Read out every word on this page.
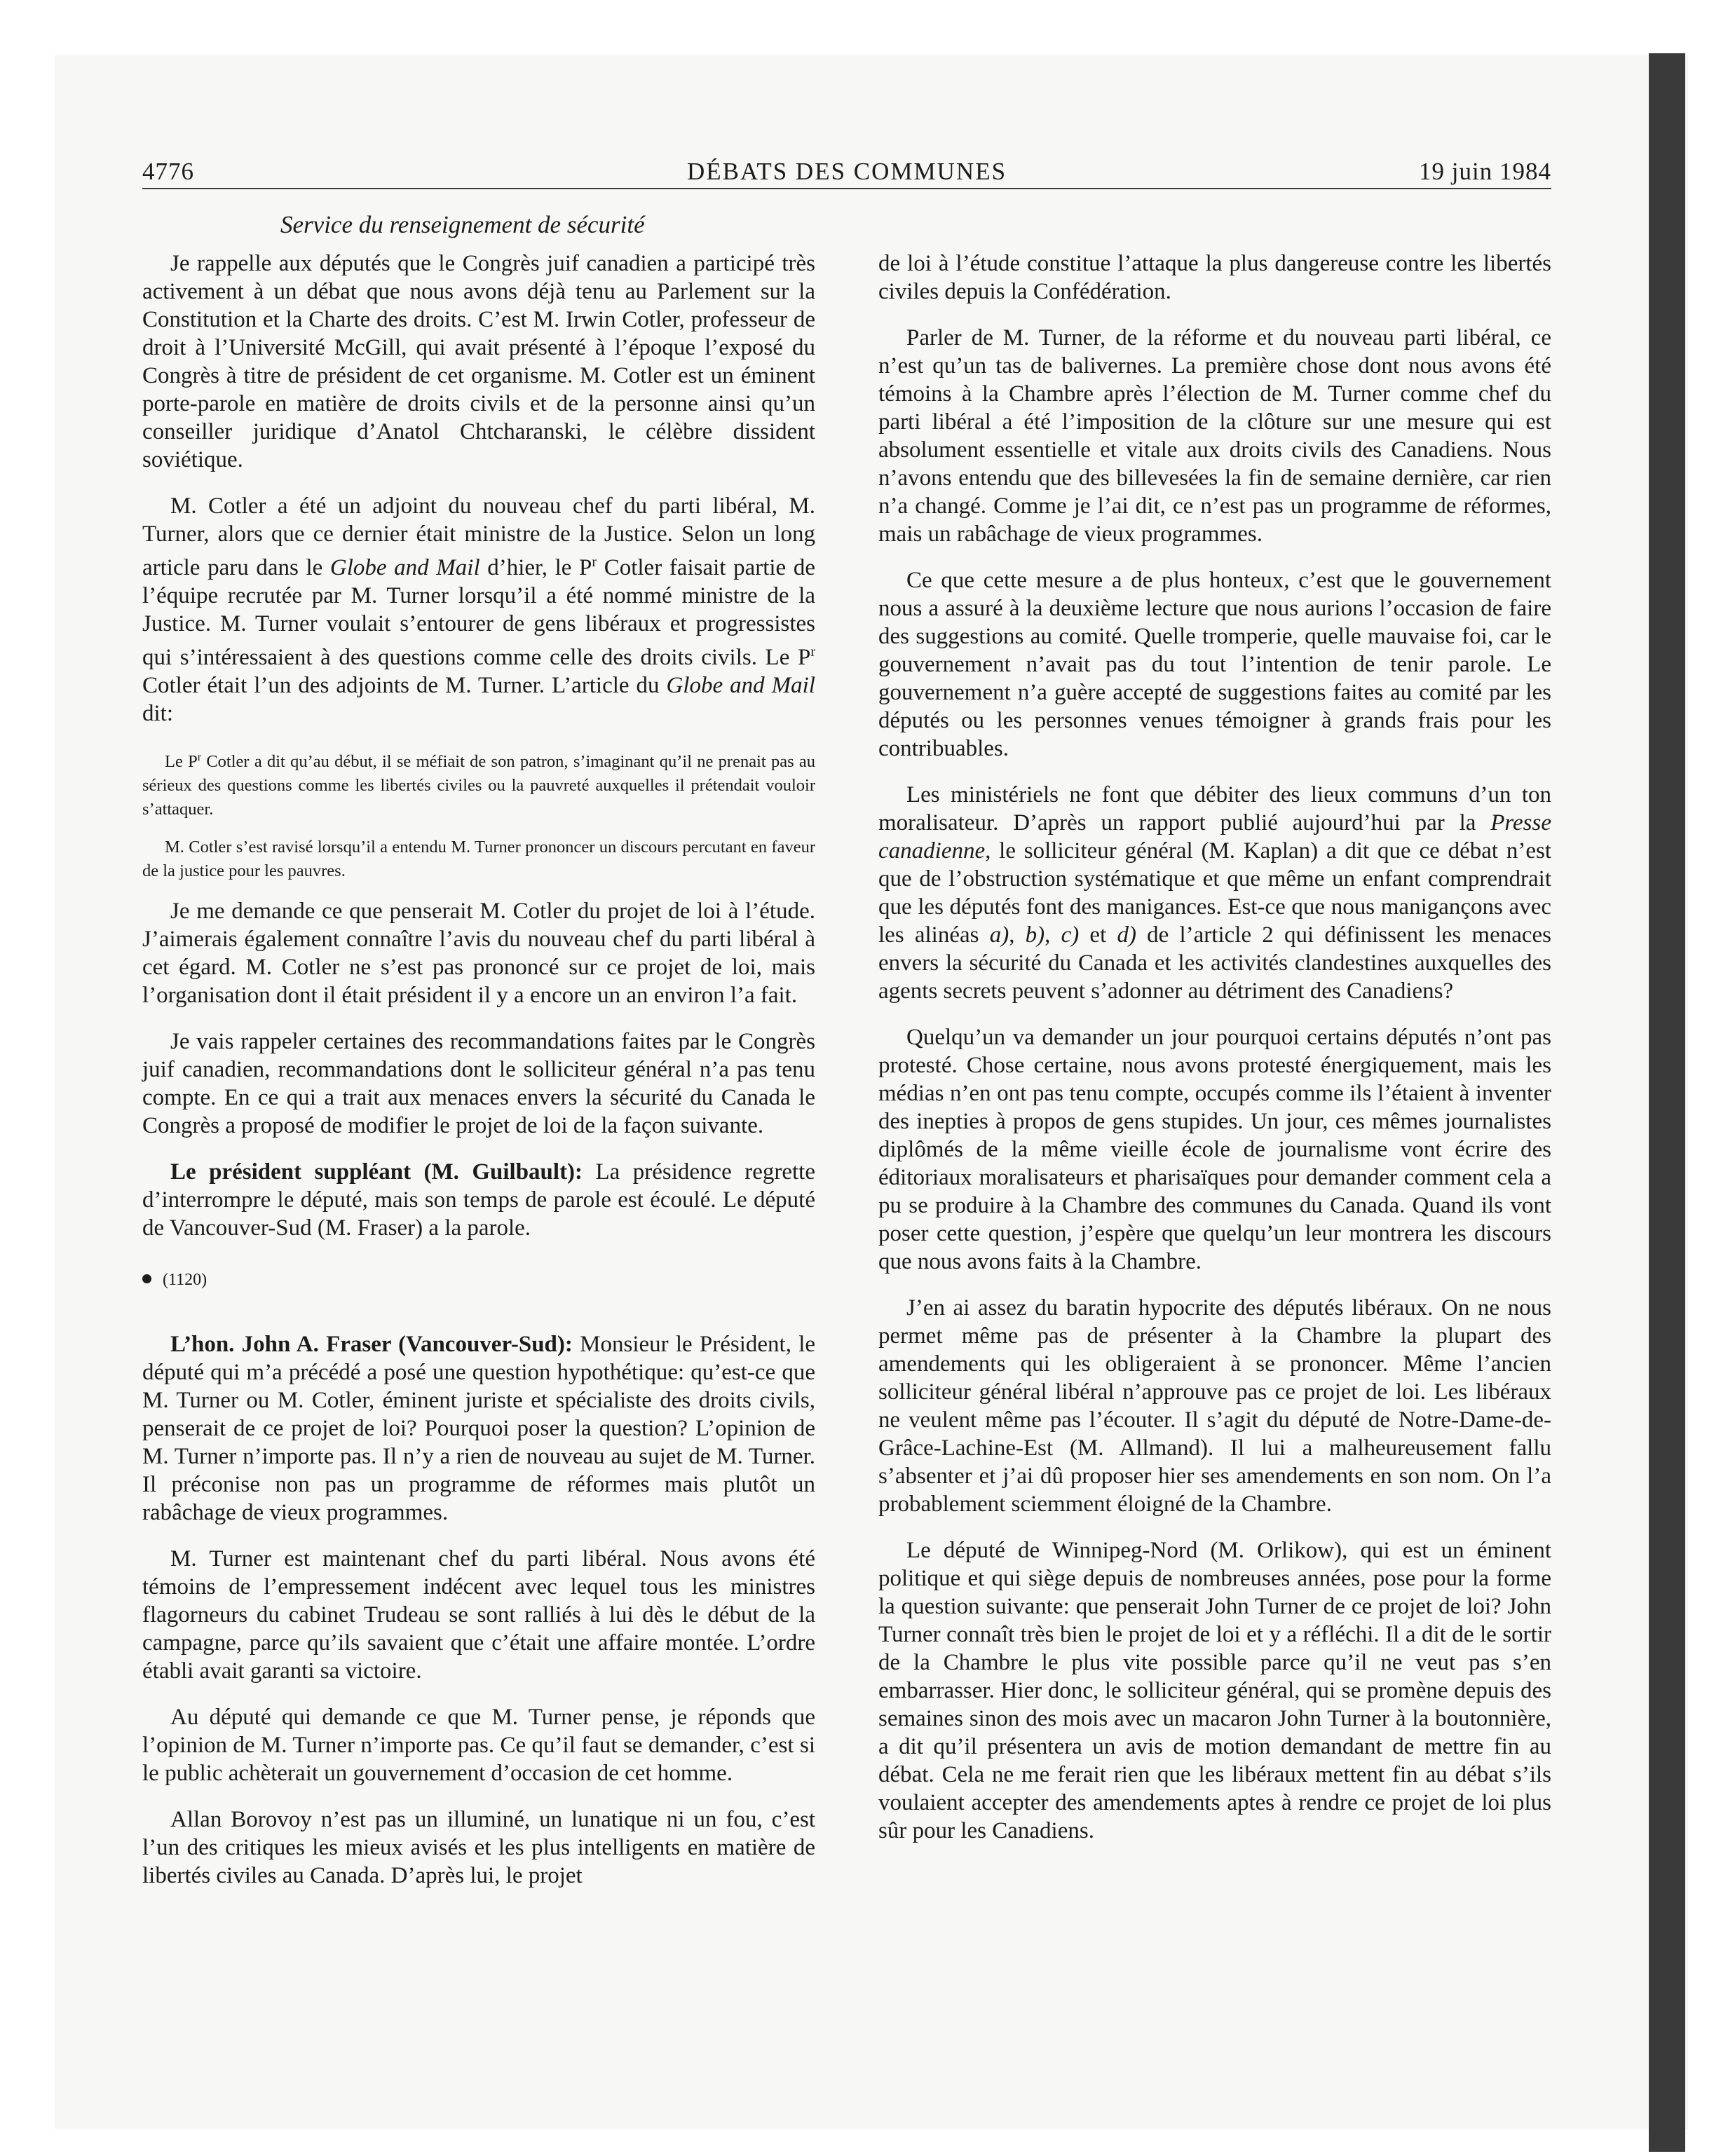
4776	DÉBATS DES COMMUNES	19 juin 1984
Service du renseignement de sécurité

Je rappelle aux députés que le Congrès juif canadien a participé très activement à un débat que nous avons déjà tenu au Parlement sur la Constitution et la Charte des droits. C’est M. Irwin Cotler, professeur de droit à l’Université McGill, qui avait présenté à l’époque l’exposé du Congrès à titre de président de cet organisme. M. Cotler est un éminent porte-parole en matière de droits civils et de la personne ainsi qu’un conseiller juridique d’Anatol Chtcharanski, le célèbre dissident soviétique.

M. Cotler a été un adjoint du nouveau chef du parti libéral, M. Turner, alors que ce dernier était ministre de la Justice. Selon un long article paru dans le Globe and Mail d’hier, le $P^r$ Cotler faisait partie de l’équipe recrutée par M. Turner lorsqu’il a été nommé ministre de la Justice. M. Turner voulait s’entourer de gens libéraux et progressistes qui s’intéressaient à des questions comme celle des droits civils. Le $P^r$ Cotler était l’un des adjoints de M. Turner. L’article du Globe and Mail dit:

Le $P^r$ Cotler a dit qu’au début, il se méfiait de son patron, s’imaginant qu’il ne prenait pas au sérieux des questions comme les libertés civiles ou la pauvreté auxquelles il prétendait vouloir s’attaquer.

M. Cotler s’est ravisé lorsqu’il a entendu M. Turner prononcer un discours percutant en faveur de la justice pour les pauvres.

Je me demande ce que penserait M. Cotler du projet de loi à l’étude. J’aimerais également connaître l’avis du nouveau chef du parti libéral à cet égard. M. Cotler ne s’est pas prononcé sur ce projet de loi, mais l’organisation dont il était président il y a encore un an environ l’a fait.

Je vais rappeler certaines des recommandations faites par le Congrès juif canadien, recommandations dont le solliciteur général n’a pas tenu compte. En ce qui a trait aux menaces envers la sécurité du Canada le Congrès a proposé de modifier le projet de loi de la façon suivante.

Le président suppléant (M. Guilbault): La présidence regrette d’interrompre le député, mais son temps de parole est écoulé. Le député de Vancouver-Sud (M. Fraser) a la parole.

(1120)

L’hon. John A. Fraser (Vancouver-Sud): Monsieur le Président, le député qui m’a précédé a posé une question hypothétique: qu’est-ce que M. Turner ou M. Cotler, éminent juriste et spécialiste des droits civils, penserait de ce projet de loi? Pourquoi poser la question? L’opinion de M. Turner n’importe pas. Il n’y a rien de nouveau au sujet de M. Turner. Il préconise non pas un programme de réformes mais plutôt un rabâchage de vieux programmes.

M. Turner est maintenant chef du parti libéral. Nous avons été témoins de l’empressement indécent avec lequel tous les ministres flagorneurs du cabinet Trudeau se sont ralliés à lui dès le début de la campagne, parce qu’ils savaient que c’était une affaire montée. L’ordre établi avait garanti sa victoire.

Au député qui demande ce que M. Turner pense, je réponds que l’opinion de M. Turner n’importe pas. Ce qu’il faut se demander, c’est si le public achèterait un gouvernement d’occasion de cet homme.

Allan Borovoy n’est pas un illuminé, un lunatique ni un fou, c’est l’un des critiques les mieux avisés et les plus intelligents en matière de libertés civiles au Canada. D’après lui, le projet

de loi à l’étude constitue l’attaque la plus dangereuse contre les libertés civiles depuis la Confédération.

Parler de M. Turner, de la réforme et du nouveau parti libéral, ce n’est qu’un tas de balivernes. La première chose dont nous avons été témoins à la Chambre après l’élection de M. Turner comme chef du parti libéral a été l’imposition de la clôture sur une mesure qui est absolument essentielle et vitale aux droits civils des Canadiens. Nous n’avons entendu que des billevesées la fin de semaine dernière, car rien n’a changé. Comme je l’ai dit, ce n’est pas un programme de réformes, mais un rabâchage de vieux programmes.

Ce que cette mesure a de plus honteux, c’est que le gouvernement nous a assuré à la deuxième lecture que nous aurions l’occasion de faire des suggestions au comité. Quelle tromperie, quelle mauvaise foi, car le gouvernement n’avait pas du tout l’intention de tenir parole. Le gouvernement n’a guère accepté de suggestions faites au comité par les députés ou les personnes venues témoigner à grands frais pour les contribuables.

Les ministériels ne font que débiter des lieux communs d’un ton moralisateur. D’après un rapport publié aujourd’hui par la Presse canadienne, le solliciteur général (M. Kaplan) a dit que ce débat n’est que de l’obstruction systématique et que même un enfant comprendrait que les députés font des manigances. Est-ce que nous manigançons avec les alinéas a), b), c) et d) de l’article 2 qui définissent les menaces envers la sécurité du Canada et les activités clandestines auxquelles des agents secrets peuvent s’adonner au détriment des Canadiens?

Quelqu’un va demander un jour pourquoi certains députés n’ont pas protesté. Chose certaine, nous avons protesté énergiquement, mais les médias n’en ont pas tenu compte, occupés comme ils l’étaient à inventer des inepties à propos de gens stupides. Un jour, ces mêmes journalistes diplômés de la même vieille école de journalisme vont écrire des éditoriaux moralisateurs et pharisaïques pour demander comment cela a pu se produire à la Chambre des communes du Canada. Quand ils vont poser cette question, j’espère que quelqu’un leur montrera les discours que nous avons faits à la Chambre.

J’en ai assez du baratin hypocrite des députés libéraux. On ne nous permet même pas de présenter à la Chambre la plupart des amendements qui les obligeraient à se prononcer. Même l’ancien solliciteur général libéral n’approuve pas ce projet de loi. Les libéraux ne veulent même pas l’écouter. Il s’agit du député de Notre-Dame-de-Grâce-Lachine-Est (M. Allmand). Il lui a malheureusement fallu s’absenter et j’ai dû proposer hier ses amendements en son nom. On l’a probablement sciemment éloigné de la Chambre.

Le député de Winnipeg-Nord (M. Orlikow), qui est un éminent politique et qui siège depuis de nombreuses années, pose pour la forme la question suivante: que penserait John Turner de ce projet de loi? John Turner connaît très bien le projet de loi et y a réfléchi. Il a dit de le sortir de la Chambre le plus vite possible parce qu’il ne veut pas s’en embarrasser. Hier donc, le solliciteur général, qui se promène depuis des semaines sinon des mois avec un macaron John Turner à la boutonnière, a dit qu’il présentera un avis de motion demandant de mettre fin au débat. Cela ne me ferait rien que les libéraux mettent fin au débat s’ils voulaient accepter des amendements aptes à rendre ce projet de loi plus sûr pour les Canadiens.
